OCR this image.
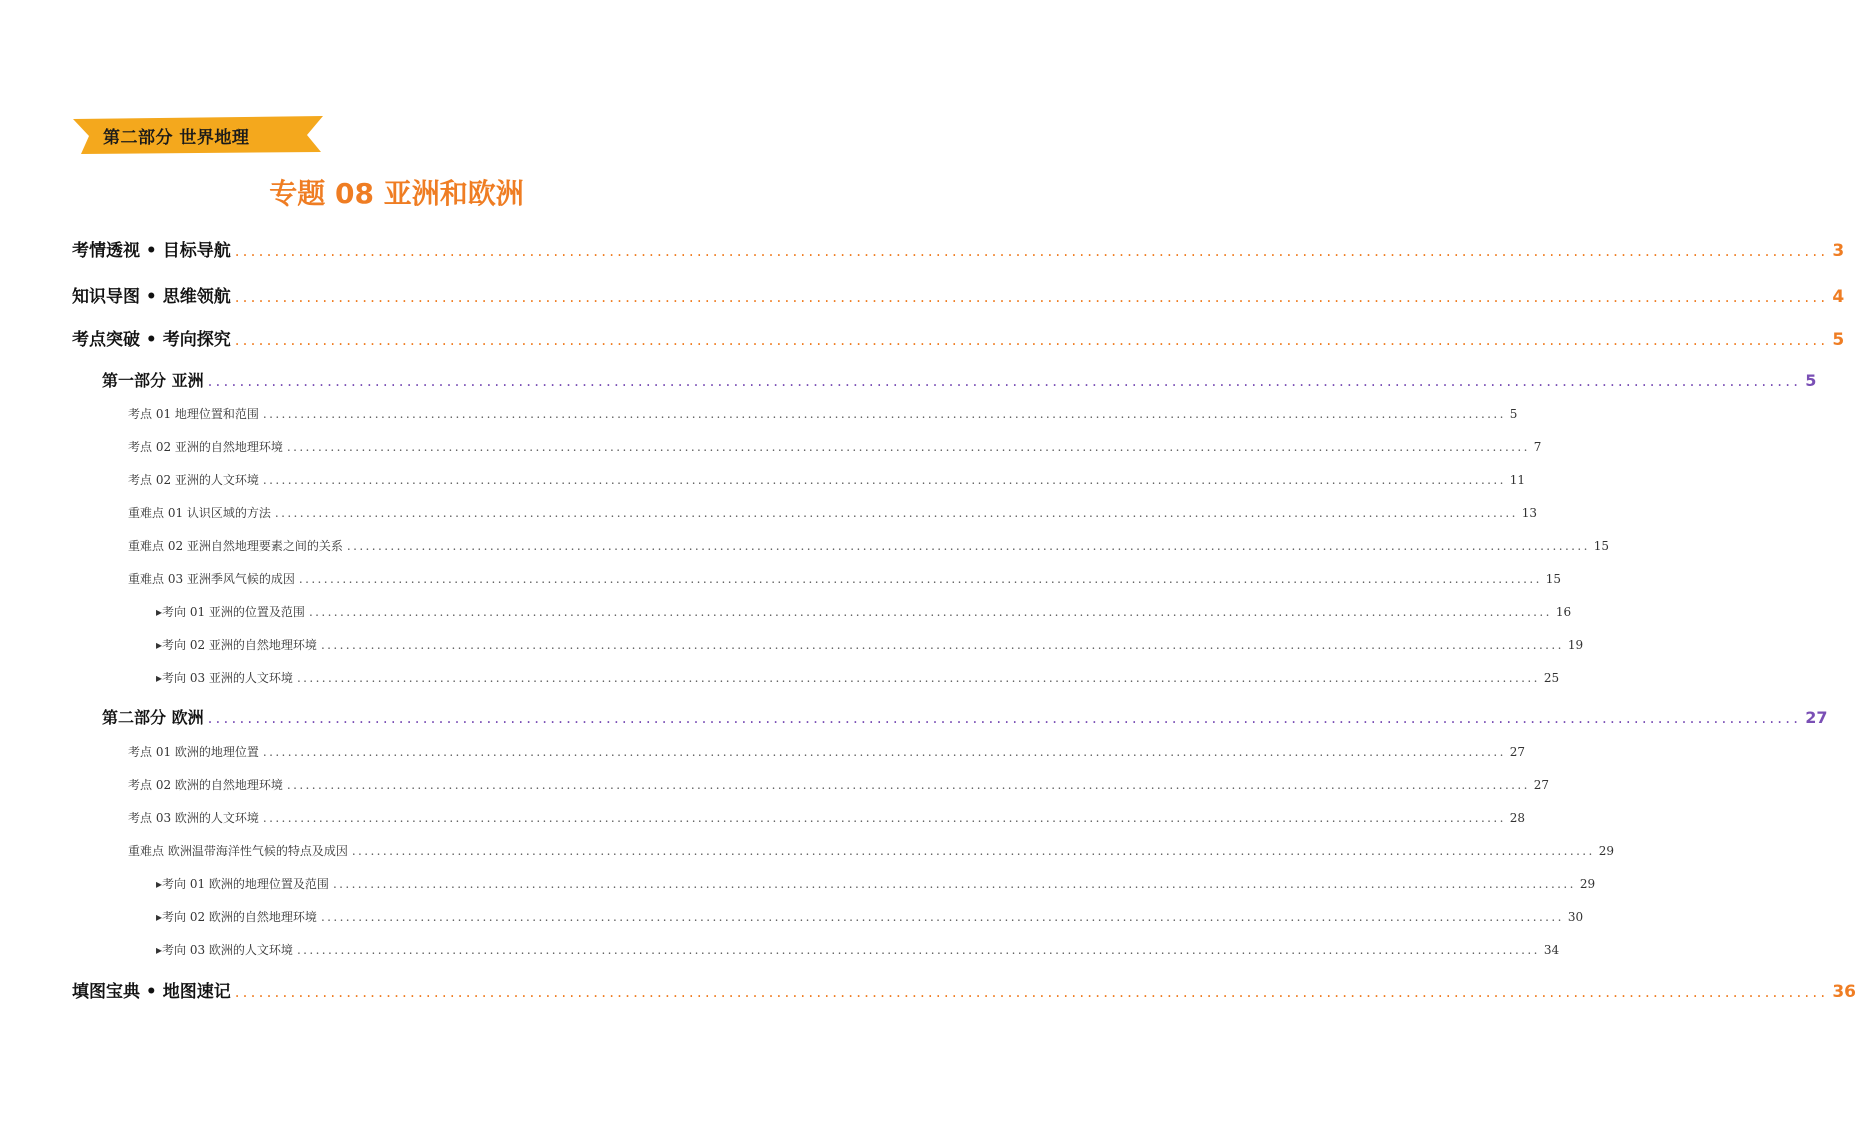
第二部分 世界地理
专题 08 亚洲和欧洲
考情透视 • 目标导航 ........................................................................................................................................................................................................ 3
知识导图 • 思维领航 ........................................................................................................................................................................................................ 4
考点突破 • 考向探究 ........................................................................................................................................................................................................ 5
第一部分 亚洲 ........................................................................................................................................................................................................ 5
考点 01 地理位置和范围 ........................................................................................................................................................................................................ 5
考点 02 亚洲的自然地理环境 ........................................................................................................................................................................................................ 7
考点 02 亚洲的人文环境 ........................................................................................................................................................................................................ 11
重难点 01 认识区域的方法 ........................................................................................................................................................................................................ 13
重难点 02 亚洲自然地理要素之间的关系 ........................................................................................................................................................................................................ 15
重难点 03 亚洲季风气候的成因 ........................................................................................................................................................................................................ 15
▸考向 01 亚洲的位置及范围 ........................................................................................................................................................................................................ 16
▸考向 02 亚洲的自然地理环境 ........................................................................................................................................................................................................ 19
▸考向 03 亚洲的人文环境 ........................................................................................................................................................................................................ 25
第二部分 欧洲 ........................................................................................................................................................................................................ 27
考点 01 欧洲的地理位置 ........................................................................................................................................................................................................ 27
考点 02 欧洲的自然地理环境 ........................................................................................................................................................................................................ 27
考点 03 欧洲的人文环境 ........................................................................................................................................................................................................ 28
重难点 欧洲温带海洋性气候的特点及成因 ........................................................................................................................................................................................................ 29
▸考向 01 欧洲的地理位置及范围 ........................................................................................................................................................................................................ 29
▸考向 02 欧洲的自然地理环境 ........................................................................................................................................................................................................ 30
▸考向 03 欧洲的人文环境 ........................................................................................................................................................................................................ 34
填图宝典 • 地图速记 ........................................................................................................................................................................................................ 36
